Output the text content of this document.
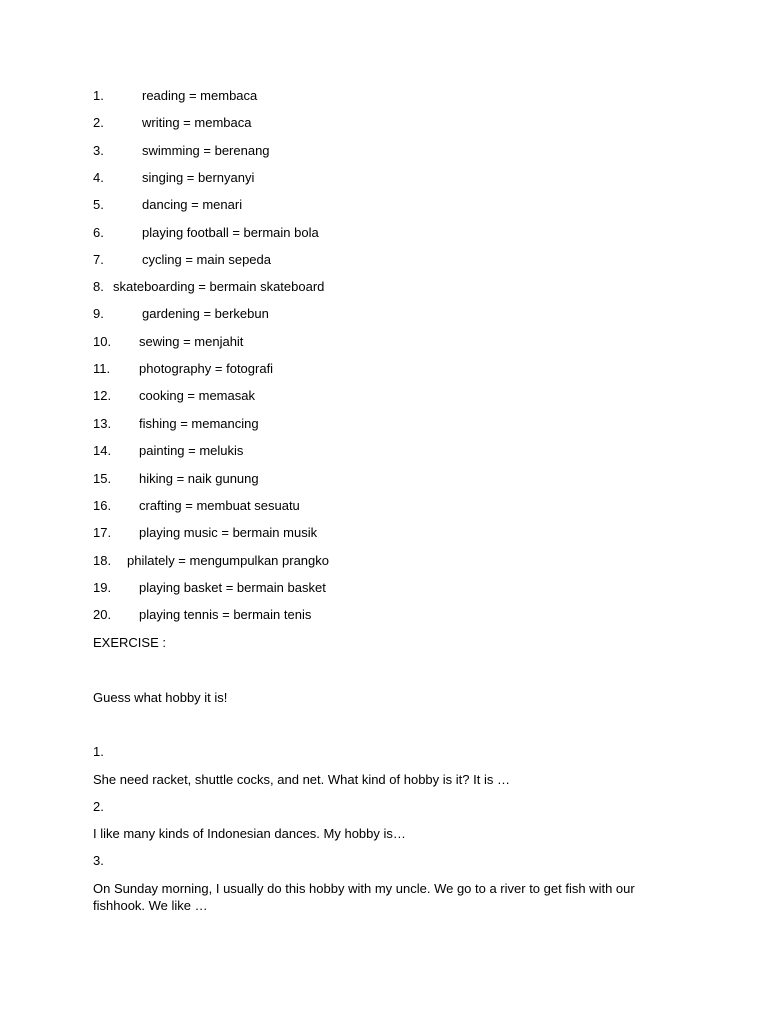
1.	reading = membaca
2.	writing = membaca
3.	swimming = berenang
4.	singing = bernyanyi
5.	dancing = menari
6.	playing football = bermain bola
7.	cycling = main sepeda
8. skateboarding = bermain skateboard
9.	gardening = berkebun
10. sewing = menjahit
11. photography = fotografi
12. cooking = memasak
13. fishing = memancing
14. painting = melukis
15. hiking = naik gunung
16. crafting = membuat sesuatu
17. playing music = bermain musik
18. philately = mengumpulkan prangko
19. playing basket = bermain basket
20. playing tennis = bermain tenis
EXERCISE :
Guess what hobby it is!
1.
She need racket, shuttle cocks, and net. What kind of hobby is it? It is …
2.
I like many kinds of Indonesian dances. My hobby is…
3.
On Sunday morning, I usually do this hobby with my uncle. We go to a river to get fish with our fishhook. We like …
